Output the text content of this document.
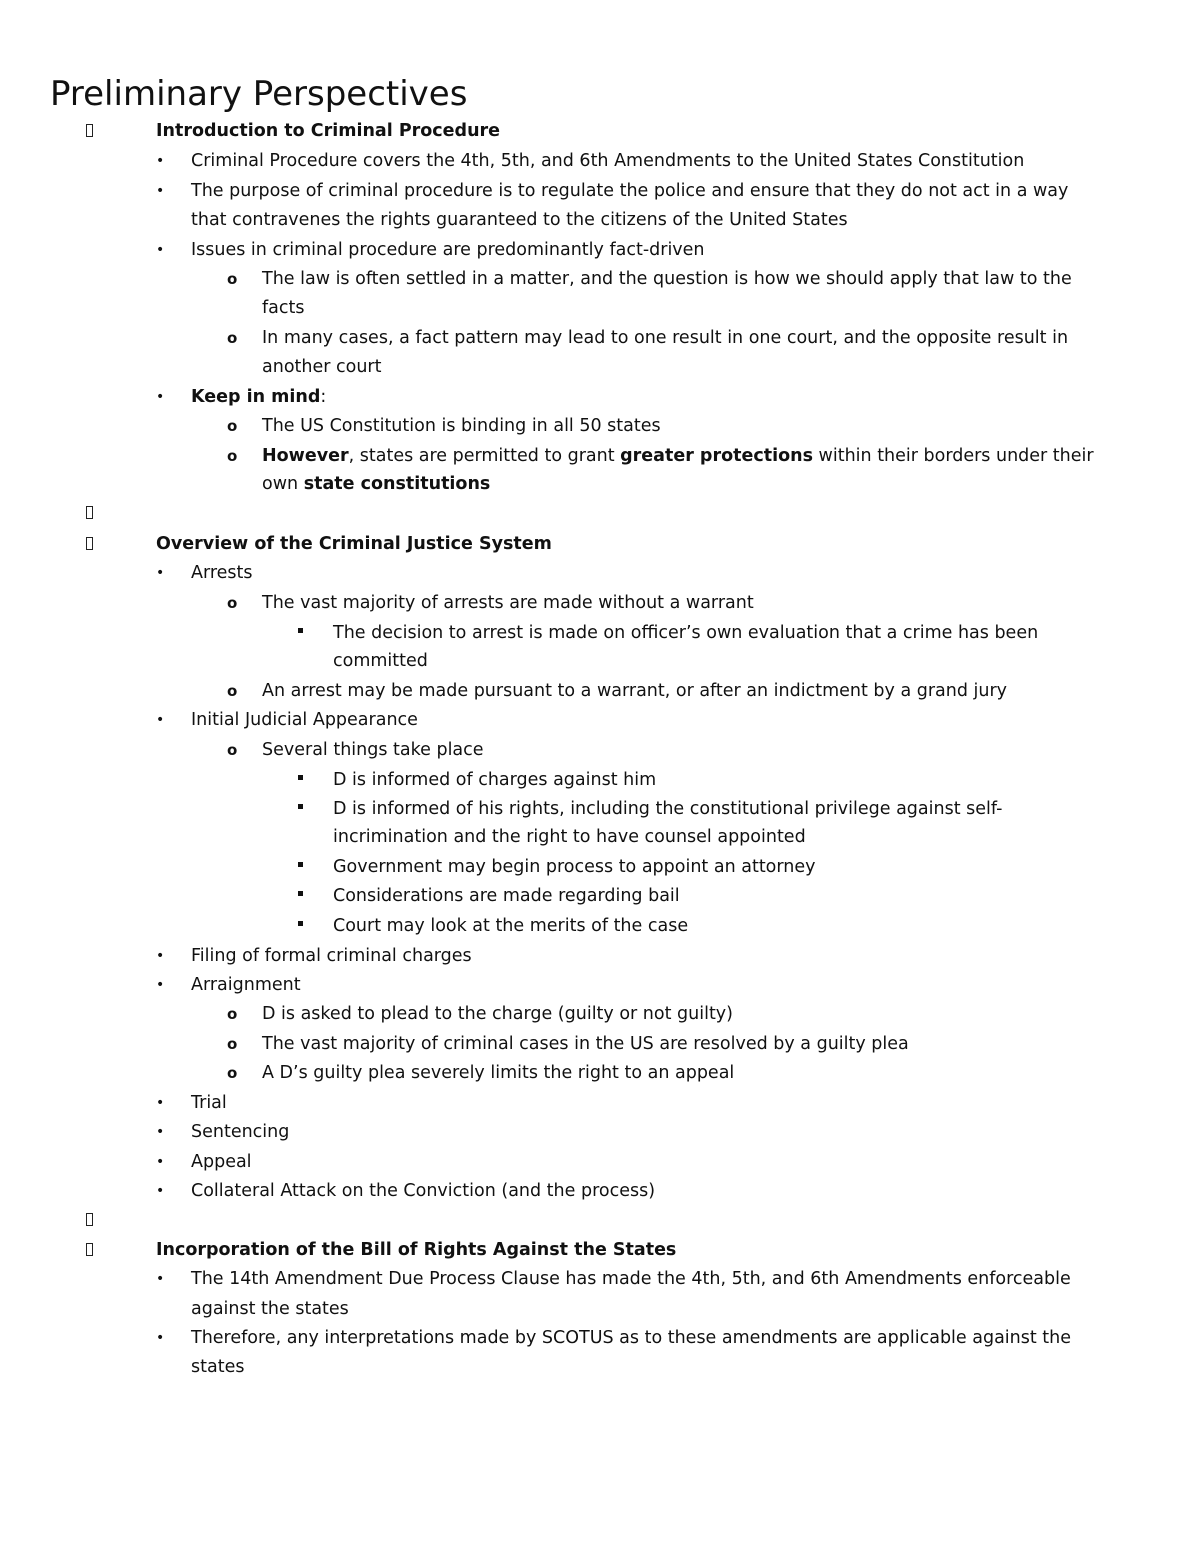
Preliminary Perspectives
Introduction to Criminal Procedure
• Criminal Procedure covers the 4th, 5th, and 6th Amendments to the United States Constitution
• The purpose of criminal procedure is to regulate the police and ensure that they do not act in a way
that contravenes the rights guaranteed to the citizens of the United States
• Issues in criminal procedure are predominantly fact-driven
o The law is often settled in a matter, and the question is how we should apply that law to the
facts
o In many cases, a fact pattern may lead to one result in one court, and the opposite result in
another court
• Keep in mind:
o The US Constitution is binding in all 50 states
o However, states are permitted to grant greater protections within their borders under their
own state constitutions
Overview of the Criminal Justice System
• Arrests
o The vast majority of arrests are made without a warrant
The decision to arrest is made on officer’s own evaluation that a crime has been
committed
o An arrest may be made pursuant to a warrant, or after an indictment by a grand jury
• Initial Judicial Appearance
o Several things take place
D is informed of charges against him
D is informed of his rights, including the constitutional privilege against self-
incrimination and the right to have counsel appointed
Government may begin process to appoint an attorney
Considerations are made regarding bail
Court may look at the merits of the case
• Filing of formal criminal charges
• Arraignment
o D is asked to plead to the charge (guilty or not guilty)
o The vast majority of criminal cases in the US are resolved by a guilty plea
o A D’s guilty plea severely limits the right to an appeal
• Trial
• Sentencing
• Appeal
• Collateral Attack on the Conviction (and the process)
Incorporation of the Bill of Rights Against the States
• The 14th Amendment Due Process Clause has made the 4th, 5th, and 6th Amendments enforceable
against the states
• Therefore, any interpretations made by SCOTUS as to these amendments are applicable against the
states
